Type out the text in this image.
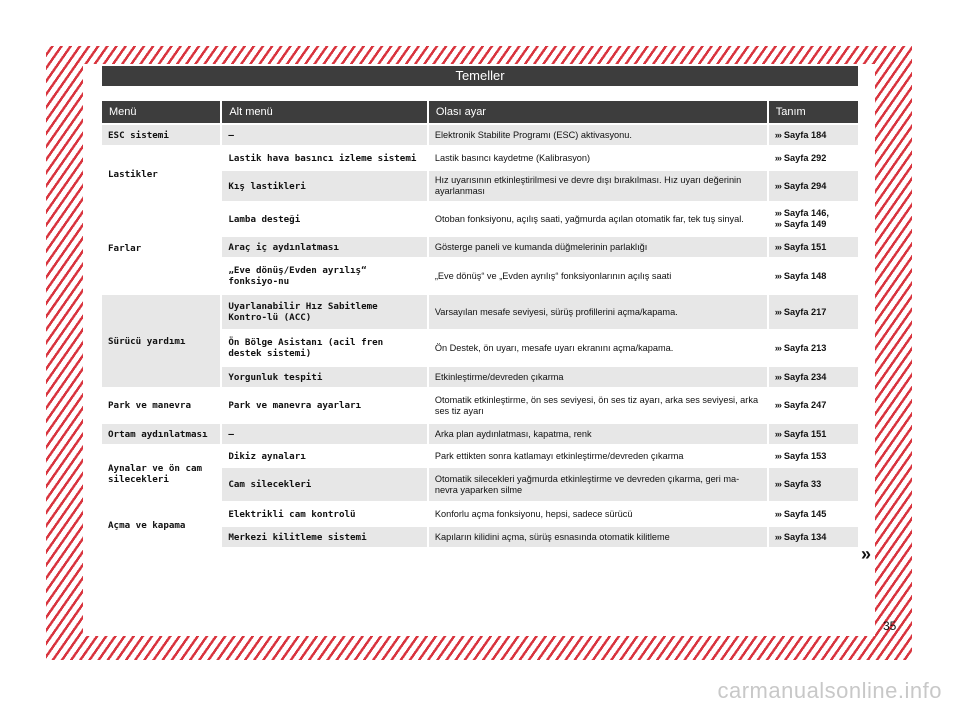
Temeller
Menü	Alt menü	Olası ayar	Tanım
ESC sistemi	–	Elektronik Stabilite Programı (ESC) aktivasyonu.	››› Sayfa 184
Lastikler	Lastik hava basıncı izleme sistemi	Lastik basıncı kaydetme (Kalibrasyon)	››› Sayfa 292
	Kış lastikleri	Hız uyarısının etkinleştirilmesi ve devre dışı bırakılması. Hız uyarı değerinin ayarlanması	››› Sayfa 294
Farlar	Lamba desteği	Otoban fonksiyonu, açılış saati, yağmurda açılan otomatik far, tek tuş sinyal.	››› Sayfa 146,
››› Sayfa 149

	Araç iç aydınlatması	Gösterge paneli ve kumanda düğmelerinin parlaklığı	››› Sayfa 151
	„Eve dönüş/Evden ayrılış“ fonksiyo-nu	„Eve dönüş“ ve „Evden ayrılış“ fonksiyonlarının açılış saati	››› Sayfa 148
Sürücü yardımı	Uyarlanabilir Hız Sabitleme Kontro-lü (ACC)	Varsayılan mesafe seviyesi, sürüş profillerini açma/kapama.	››› Sayfa 217
	Ön Bölge Asistanı (acil fren destek sistemi)	Ön Destek, ön uyarı, mesafe uyarı ekranını açma/kapama.	››› Sayfa 213
	Yorgunluk tespiti	Etkinleştirme/devreden çıkarma	››› Sayfa 234
Park ve manevra	Park ve manevra ayarları	Otomatik etkinleştirme, ön ses seviyesi, ön ses tiz ayarı, arka ses seviyesi, arka ses tiz ayarı	››› Sayfa 247
Ortam aydınlatması	–	Arka plan aydınlatması, kapatma, renk	››› Sayfa 151
Aynalar ve ön cam silecekleri	Dikiz aynaları	Park ettikten sonra katlamayı etkinleştirme/devreden çıkarma	››› Sayfa 153
	Cam silecekleri	Otomatik silecekleri yağmurda etkinleştirme ve devreden çıkarma, geri ma-nevra yaparken silme	››› Sayfa 33
Açma ve kapama	Elektrikli cam kontrolü	Konforlu açma fonksiyonu, hepsi, sadece sürücü	››› Sayfa 145
	Merkezi kilitleme sistemi	Kapıların kilidini açma, sürüş esnasında otomatik kilitleme	››› Sayfa 134
»
35
carmanualsonline.info
